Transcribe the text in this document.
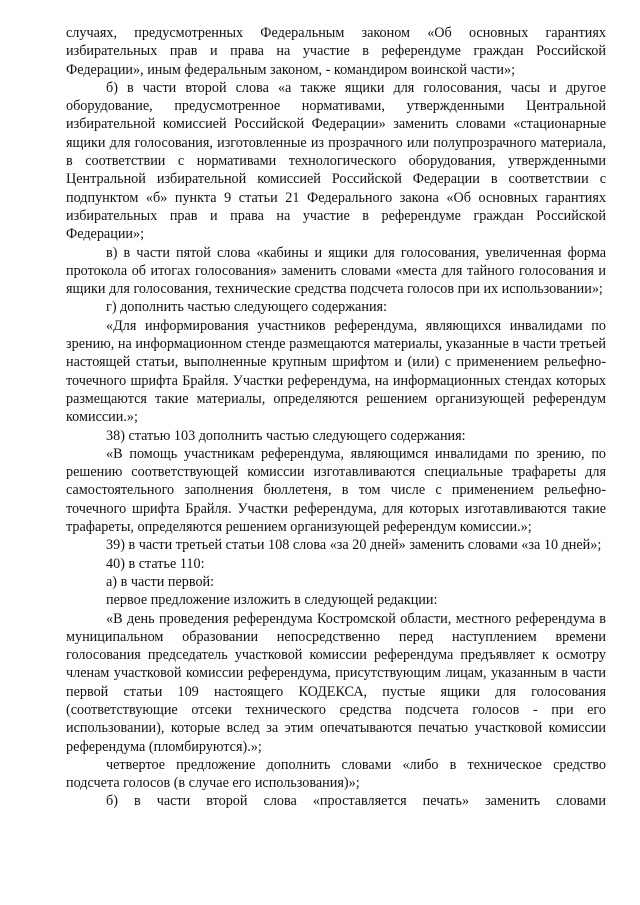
случаях, предусмотренных Федеральным законом «Об основных гарантиях избирательных прав и права на участие в референдуме граждан Российской Федерации», иным федеральным законом, - командиром воинской части»;

б) в части второй слова «а также ящики для голосования, часы и другое оборудование, предусмотренное нормативами, утвержденными Центральной избирательной комиссией Российской Федерации» заменить словами «стационарные ящики для голосования, изготовленные из прозрачного или полупрозрачного материала, в соответствии с нормативами технологического оборудования, утвержденными Центральной избирательной комиссией Российской Федерации в соответствии с подпунктом «б» пункта 9 статьи 21 Федерального закона «Об основных гарантиях избирательных прав и права на участие в референдуме граждан Российской Федерации»;

в) в части пятой слова «кабины и ящики для голосования, увеличенная форма протокола об итогах голосования» заменить словами «места для тайного голосования и ящики для голосования, технические средства подсчета голосов при их использовании»;

г) дополнить частью следующего содержания:

«Для информирования участников референдума, являющихся инвалидами по зрению, на информационном стенде размещаются материалы, указанные в части третьей настоящей статьи, выполненные крупным шрифтом и (или) с применением рельефно-точечного шрифта Брайля. Участки референдума, на информационных стендах которых размещаются такие материалы, определяются решением организующей референдум комиссии.»;

38) статью 103 дополнить частью следующего содержания:

«В помощь участникам референдума, являющимся инвалидами по зрению, по решению соответствующей комиссии изготавливаются специальные трафареты для самостоятельного заполнения бюллетеня, в том числе с применением рельефно-точечного шрифта Брайля. Участки референдума, для которых изготавливаются такие трафареты, определяются решением организующей референдум комиссии.»;

39) в части третьей статьи 108 слова «за 20 дней» заменить словами «за 10 дней»;

40) в статье 110:

а) в части первой:

первое предложение изложить в следующей редакции:

«В день проведения референдума Костромской области, местного референдума в муниципальном образовании непосредственно перед наступлением времени голосования председатель участковой комиссии референдума предъявляет к осмотру членам участковой комиссии референдума, присутствующим лицам, указанным в части первой статьи 109 настоящего КОДЕКСА, пустые ящики для голосования (соответствующие отсеки технического средства подсчета голосов - при его использовании), которые вслед за этим опечатываются печатью участковой комиссии референдума (пломбируются).»;

четвертое предложение дополнить словами «либо в техническое средство подсчета голосов (в случае его использования)»;

б) в части второй слова «проставляется печать» заменить словами
